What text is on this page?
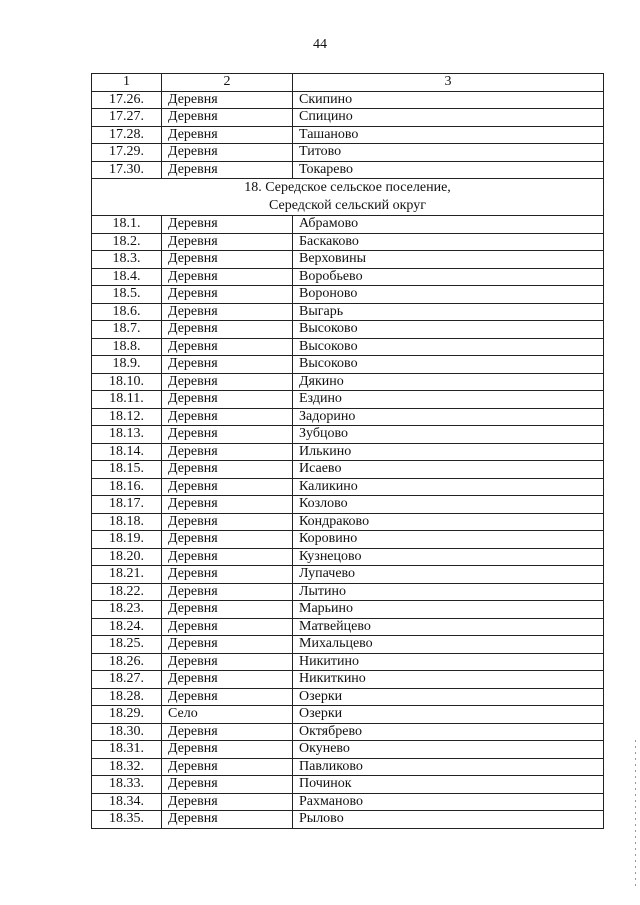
44
1	2	3
17.26.	Деревня	Скипино
17.27.	Деревня	Спицино
17.28.	Деревня	Ташаново
17.29.	Деревня	Титово
17.30.	Деревня	Токарево

18. Середское сельское поселение,
Середской сельский округ		

18.1.	Деревня	Абрамово
18.2.	Деревня	Баскаково
18.3.	Деревня	Верховины
18.4.	Деревня	Воробьево
18.5.	Деревня	Вороново
18.6.	Деревня	Выгарь
18.7.	Деревня	Высоково
18.8.	Деревня	Высоково
18.9.	Деревня	Высоково
18.10.	Деревня	Дякино
18.11.	Деревня	Ездино
18.12.	Деревня	Задорино
18.13.	Деревня	Зубцово
18.14.	Деревня	Илькино
18.15.	Деревня	Исаево
18.16.	Деревня	Каликино
18.17.	Деревня	Козлово
18.18.	Деревня	Кондраково
18.19.	Деревня	Коровино
18.20.	Деревня	Кузнецово
18.21.	Деревня	Лупачево
18.22.	Деревня	Лытино
18.23.	Деревня	Марьино
18.24.	Деревня	Матвейцево
18.25.	Деревня	Михальцево
18.26.	Деревня	Никитино
18.27.	Деревня	Никиткино
18.28.	Деревня	Озерки
18.29.	Село	Озерки
18.30.	Деревня	Октябрево
18.31.	Деревня	Окунево
18.32.	Деревня	Павликово
18.33.	Деревня	Починок
18.34.	Деревня	Рахманово
18.35.	Деревня	Рылово
